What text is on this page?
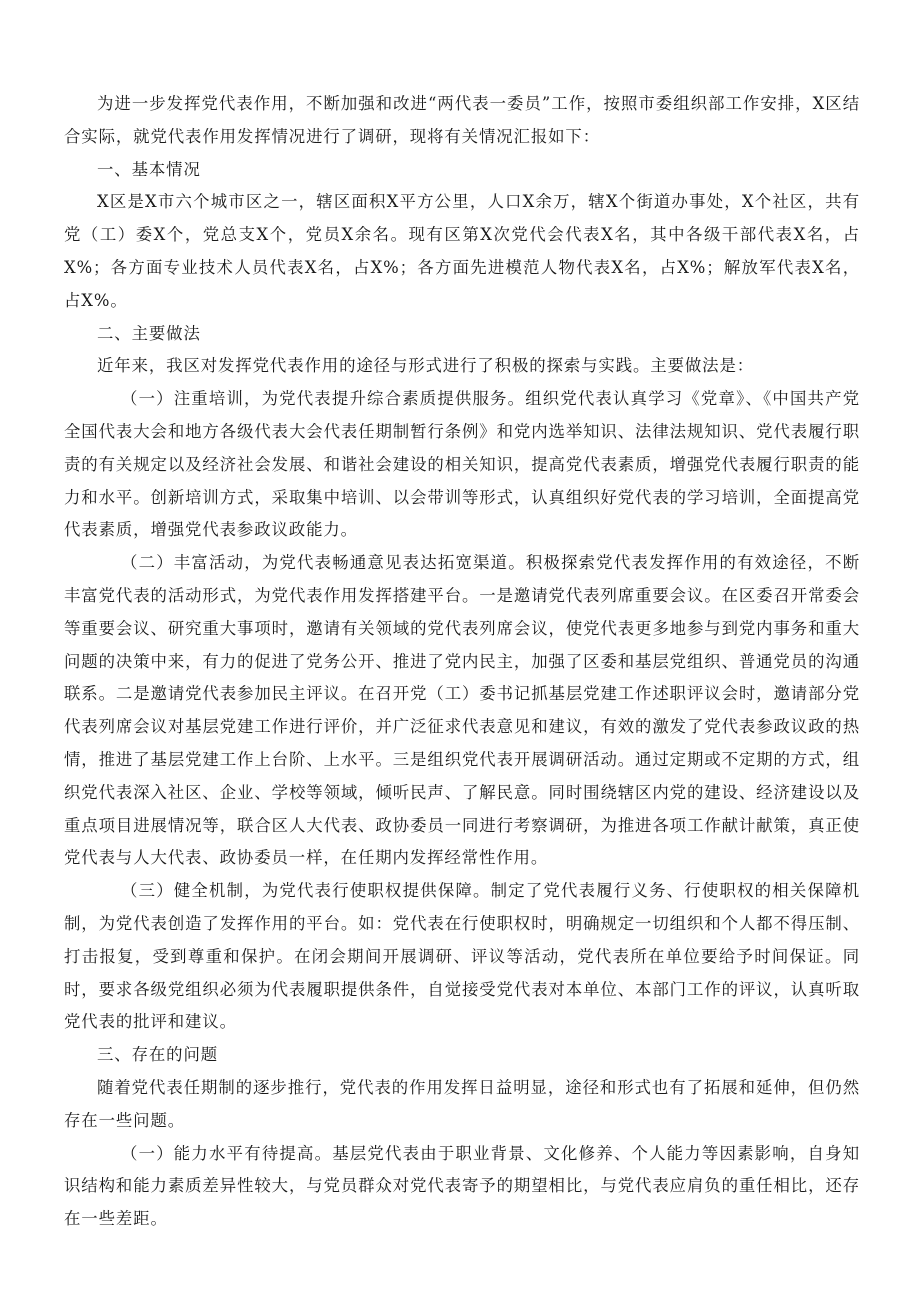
为进一步发挥党代表作用，不断加强和改进“两代表一委员”工作，按照市委组织部工作安排，X区结合实际，就党代表作用发挥情况进行了调研，现将有关情况汇报如下：

一、基本情况

X区是X市六个城市区之一，辖区面积X平方公里，人口X余万，辖X个街道办事处，X个社区，共有党（工）委X个，党总支X个，党员X余名。现有区第X次党代会代表X名，其中各级干部代表X名，占X%；各方面专业技术人员代表X名，占X%；各方面先进模范人物代表X名，占X%；解放军代表X名，占X%。

二、主要做法

近年来，我区对发挥党代表作用的途径与形式进行了积极的探索与实践。主要做法是：

（一）注重培训，为党代表提升综合素质提供服务。组织党代表认真学习《党章》、《中国共产党全国代表大会和地方各级代表大会代表任期制暂行条例》和党内选举知识、法律法规知识、党代表履行职责的有关规定以及经济社会发展、和谐社会建设的相关知识，提高党代表素质，增强党代表履行职责的能力和水平。创新培训方式，采取集中培训、以会带训等形式，认真组织好党代表的学习培训，全面提高党代表素质，增强党代表参政议政能力。

（二）丰富活动，为党代表畅通意见表达拓宽渠道。积极探索党代表发挥作用的有效途径，不断丰富党代表的活动形式，为党代表作用发挥搭建平台。一是邀请党代表列席重要会议。在区委召开常委会等重要会议、研究重大事项时，邀请有关领域的党代表列席会议，使党代表更多地参与到党内事务和重大问题的决策中来，有力的促进了党务公开、推进了党内民主，加强了区委和基层党组织、普通党员的沟通联系。二是邀请党代表参加民主评议。在召开党（工）委书记抓基层党建工作述职评议会时，邀请部分党代表列席会议对基层党建工作进行评价，并广泛征求代表意见和建议，有效的激发了党代表参政议政的热情，推进了基层党建工作上台阶、上水平。三是组织党代表开展调研活动。通过定期或不定期的方式，组织党代表深入社区、企业、学校等领域，倾听民声、了解民意。同时围绕辖区内党的建设、经济建设以及重点项目进展情况等，联合区人大代表、政协委员一同进行考察调研，为推进各项工作献计献策，真正使党代表与人大代表、政协委员一样，在任期内发挥经常性作用。

（三）健全机制，为党代表行使职权提供保障。制定了党代表履行义务、行使职权的相关保障机制，为党代表创造了发挥作用的平台。如：党代表在行使职权时，明确规定一切组织和个人都不得压制、打击报复，受到尊重和保护。在闭会期间开展调研、评议等活动，党代表所在单位要给予时间保证。同时，要求各级党组织必须为代表履职提供条件，自觉接受党代表对本单位、本部门工作的评议，认真听取党代表的批评和建议。

三、存在的问题

随着党代表任期制的逐步推行，党代表的作用发挥日益明显，途径和形式也有了拓展和延伸，但仍然存在一些问题。

（一）能力水平有待提高。基层党代表由于职业背景、文化修养、个人能力等因素影响，自身知识结构和能力素质差异性较大，与党员群众对党代表寄予的期望相比，与党代表应肩负的重任相比，还存在一些差距。
